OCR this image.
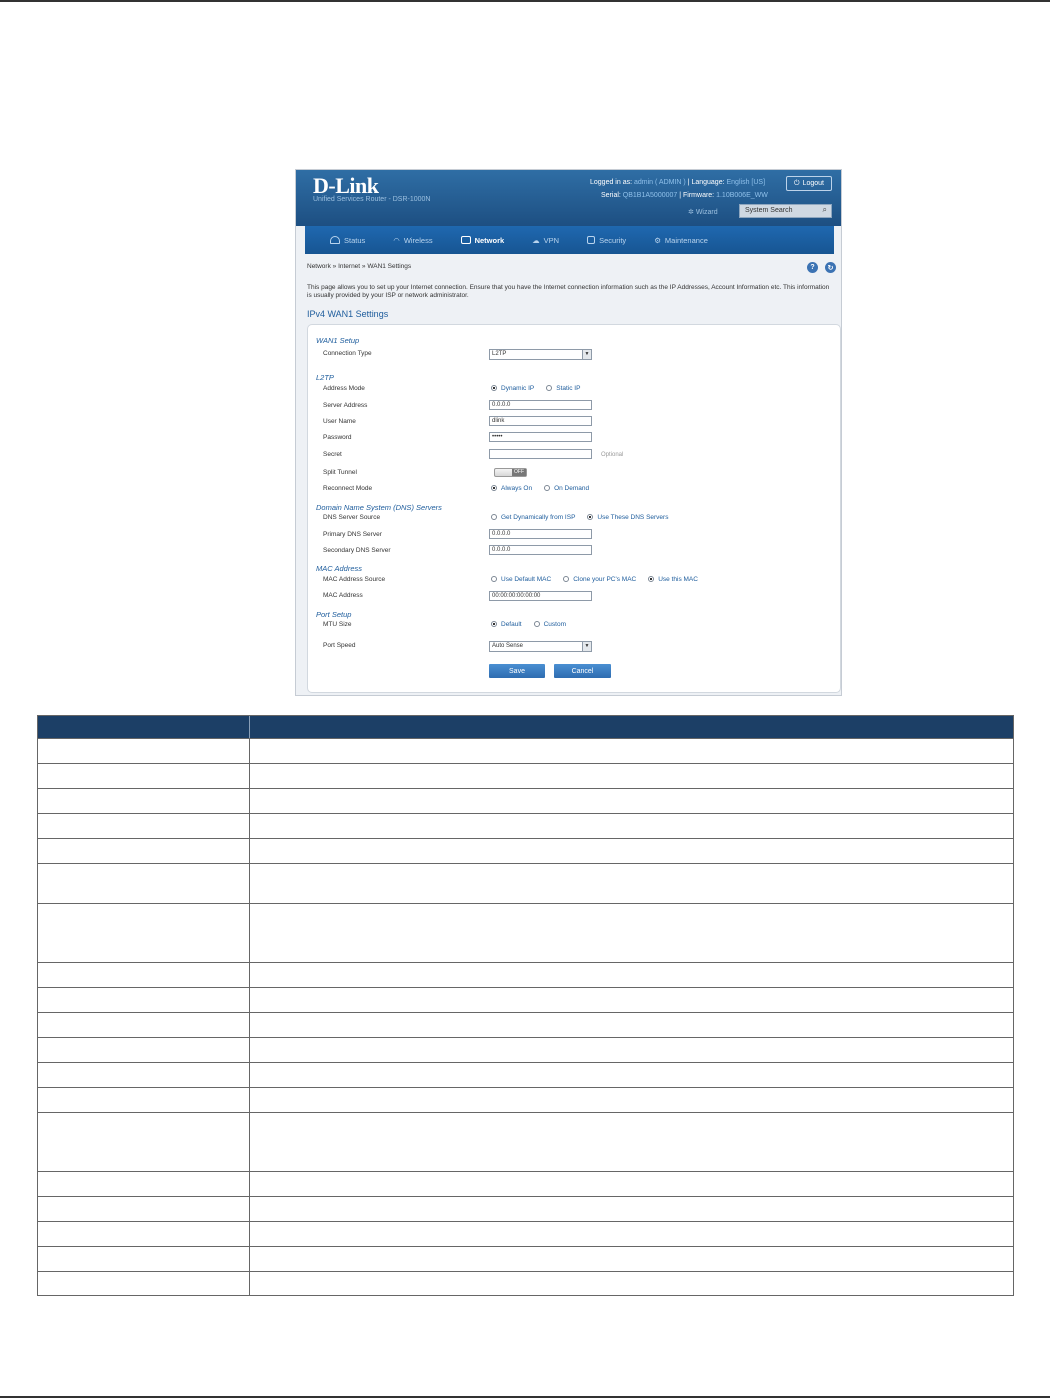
D-Link
Unified Services Router - DSR-1000N
Logged in as: admin ( ADMIN ) | Language: English [US]
Serial: QB1B1A5000007 | Firmware: 1.10B006E_WW
⏻ Logout
✲ Wizard	System Search	⌕
Status	◠ Wireless	Network	☁ VPN	Security	⚙ Maintenance
Network » Internet » WAN1 Settings	?	↻
This page allows you to set up your Internet connection. Ensure that you have the Internet connection information such as the IP Addresses, Account Information etc. This information is usually provided by your ISP or network administrator.
IPv4 WAN1 Settings
WAN1 Setup
Connection Type	L2TP	▼
L2TP
Address Mode	Dynamic IP	Static IP
Server Address	0.0.0.0
User Name	dlink
Password	•••••
Secret	Optional
Split Tunnel	OFF
Reconnect Mode	Always On	On Demand
Domain Name System (DNS) Servers
DNS Server Source	Get Dynamically from ISP	Use These DNS Servers
Primary DNS Server	0.0.0.0
Secondary DNS Server	0.0.0.0
MAC Address
MAC Address Source	Use Default MAC	Clone your PC's MAC	Use this MAC
MAC Address	00:00:00:00:00:00
Port Setup
MTU Size	Default	Custom
Port Speed	Auto Sense	▼
Save	Cancel
